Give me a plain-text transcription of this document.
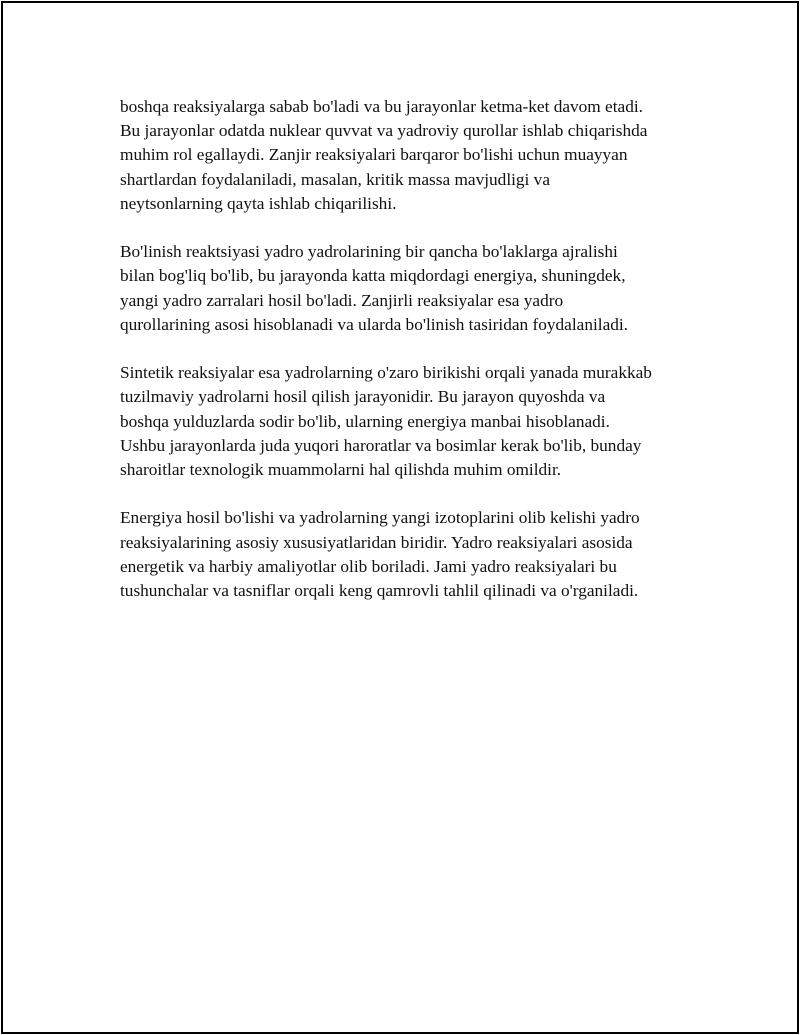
boshqa reaksiyalarga sabab bo'ladi va bu jarayonlar ketma-ket davom etadi.
Bu jarayonlar odatda nuklear quvvat va yadroviy qurollar ishlab chiqarishda
muhim rol egallaydi. Zanjir reaksiyalari barqaror bo'lishi uchun muayyan
shartlardan foydalaniladi, masalan, kritik massa mavjudligi va
neytsonlarning qayta ishlab chiqarilishi.

Bo'linish reaktsiyasi yadro yadrolarining bir qancha bo'laklarga ajralishi
bilan bog'liq bo'lib, bu jarayonda katta miqdordagi energiya, shuningdek,
yangi yadro zarralari hosil bo'ladi. Zanjirli reaksiyalar esa yadro
qurollarining asosi hisoblanadi va ularda bo'linish tasiridan foydalaniladi.

Sintetik reaksiyalar esa yadrolarning o'zaro birikishi orqali yanada murakkab
tuzilmaviy yadrolarni hosil qilish jarayonidir. Bu jarayon quyoshda va
boshqa yulduzlarda sodir bo'lib, ularning energiya manbai hisoblanadi.
Ushbu jarayonlarda juda yuqori haroratlar va bosimlar kerak bo'lib, bunday
sharoitlar texnologik muammolarni hal qilishda muhim omildir.

Energiya hosil bo'lishi va yadrolarning yangi izotoplarini olib kelishi yadro
reaksiyalarining asosiy xususiyatlaridan biridir. Yadro reaksiyalari asosida
energetik va harbiy amaliyotlar olib boriladi. Jami yadro reaksiyalari bu
tushunchalar va tasniflar orqali keng qamrovli tahlil qilinadi va o'rganiladi.
